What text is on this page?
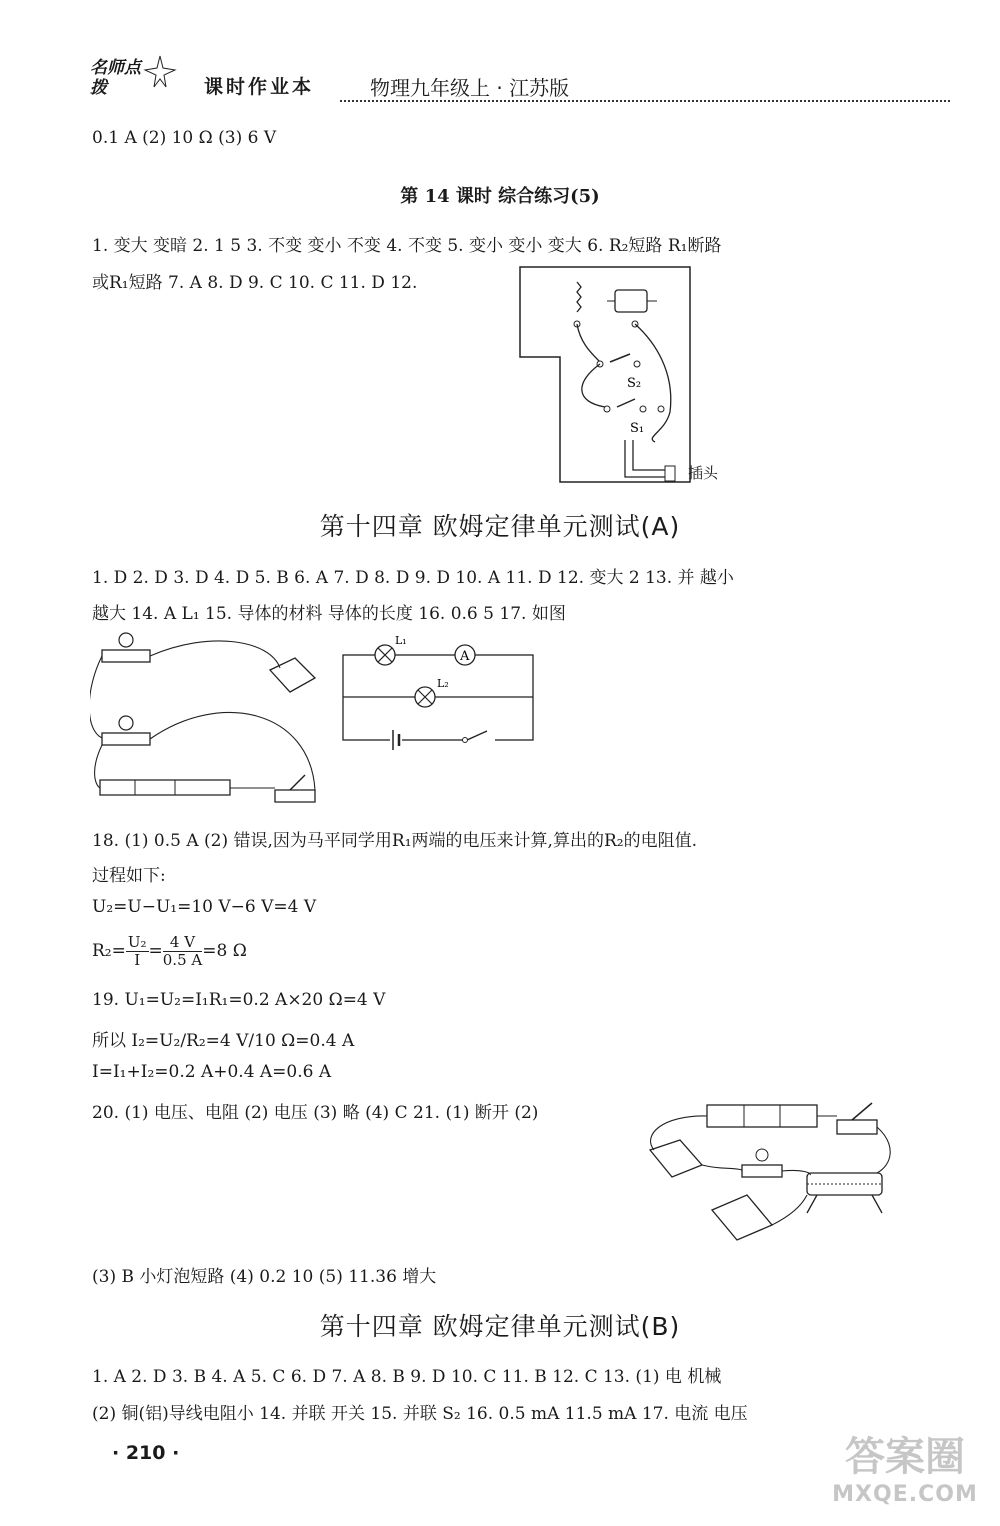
名师点拨	课时作业本	物理九年级上 · 江苏版
0.1 A (2) 10 Ω (3) 6 V
第 14 课时 综合练习(5)
1. 变大 变暗 2. 1 5 3. 不变 变小 不变 4. 不变 5. 变小 变小 变大 6. R₂短路 R₁断路
或R₁短路 7. A 8. D 9. C 10. C 11. D 12.
S₂
S₁
插头
第十四章 欧姆定律单元测试(A)
1. D 2. D 3. D 4. D 5. B 6. A 7. D 8. D 9. D 10. A 11. D 12. 变大 2 13. 并 越小
越大 14. A L₁ 15. 导体的材料 导体的长度 16. 0.6 5 17. 如图
A
L₁
L₂
18. (1) 0.5 A (2) 错误,因为马平同学用R₁两端的电压来计算,算出的R₂的电阻值.
过程如下:
U₂=U−U₁=10 V−6 V=4 V
$R_2= \frac{\text{U₂}}{I} = \frac{4 V}{0.5 A} =8$ Ω
19. U₁=U₂=I₁R₁=0.2 A×20 Ω=4 V
所以 I₂=U₂/R₂=4 V/10 Ω=0.4 A
I=I₁+I₂=0.2 A+0.4 A=0.6 A
20. (1) 电压、电阻 (2) 电压 (3) 略 (4) C 21. (1) 断开 (2)
(3) B 小灯泡短路 (4) 0.2 10 (5) 11.36 增大
第十四章 欧姆定律单元测试(B)
1. A 2. D 3. B 4. A 5. C 6. D 7. A 8. B 9. D 10. C 11. B 12. C 13. (1) 电 机械
(2) 铜(铝)导线电阻小 14. 并联 开关 15. 并联 S₂ 16. 0.5 mA 11.5 mA 17. 电流 电压
· 210 ·	答案圈
MXQE.COM
